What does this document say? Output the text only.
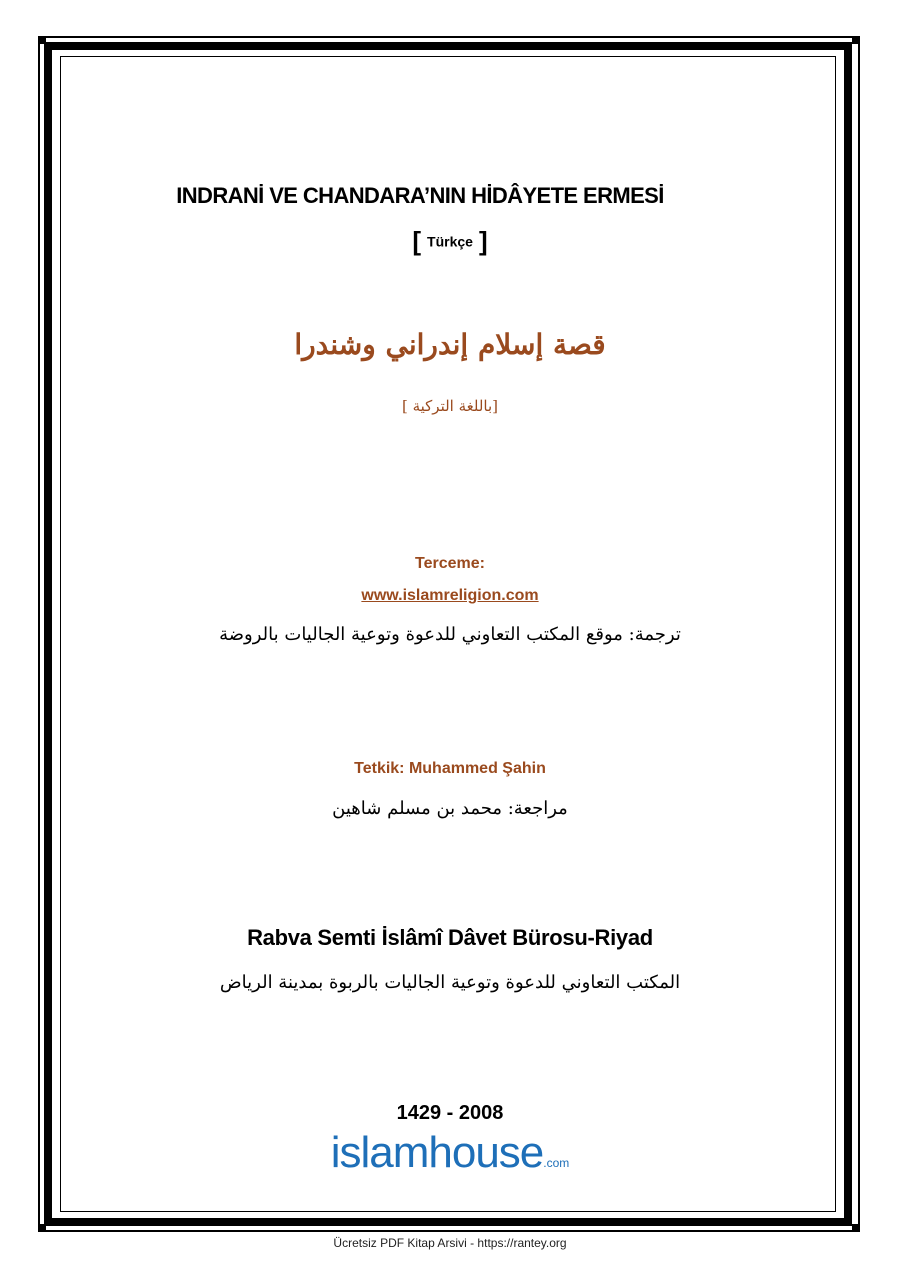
INDRANİ VE CHANDARA’NIN HİDÂYETE ERMESİ
[ Türkçe ]
قصة إسلام إندراني وشندرا
[باللغة التركية ]
Terceme:
www.islamreligion.com
ترجمة: موقع المكتب التعاوني للدعوة وتوعية الجاليات بالروضة
Tetkik: Muhammed Şahin
مراجعة: محمد بن مسلم شاهين
Rabva Semti İslâmî Dâvet Bürosu-Riyad
المكتب التعاوني للدعوة وتوعية الجاليات بالربوة بمدينة الرياض
1429 - 2008
islamhouse.com
Ücretsiz PDF Kitap Arsivi - https://rantey.org
